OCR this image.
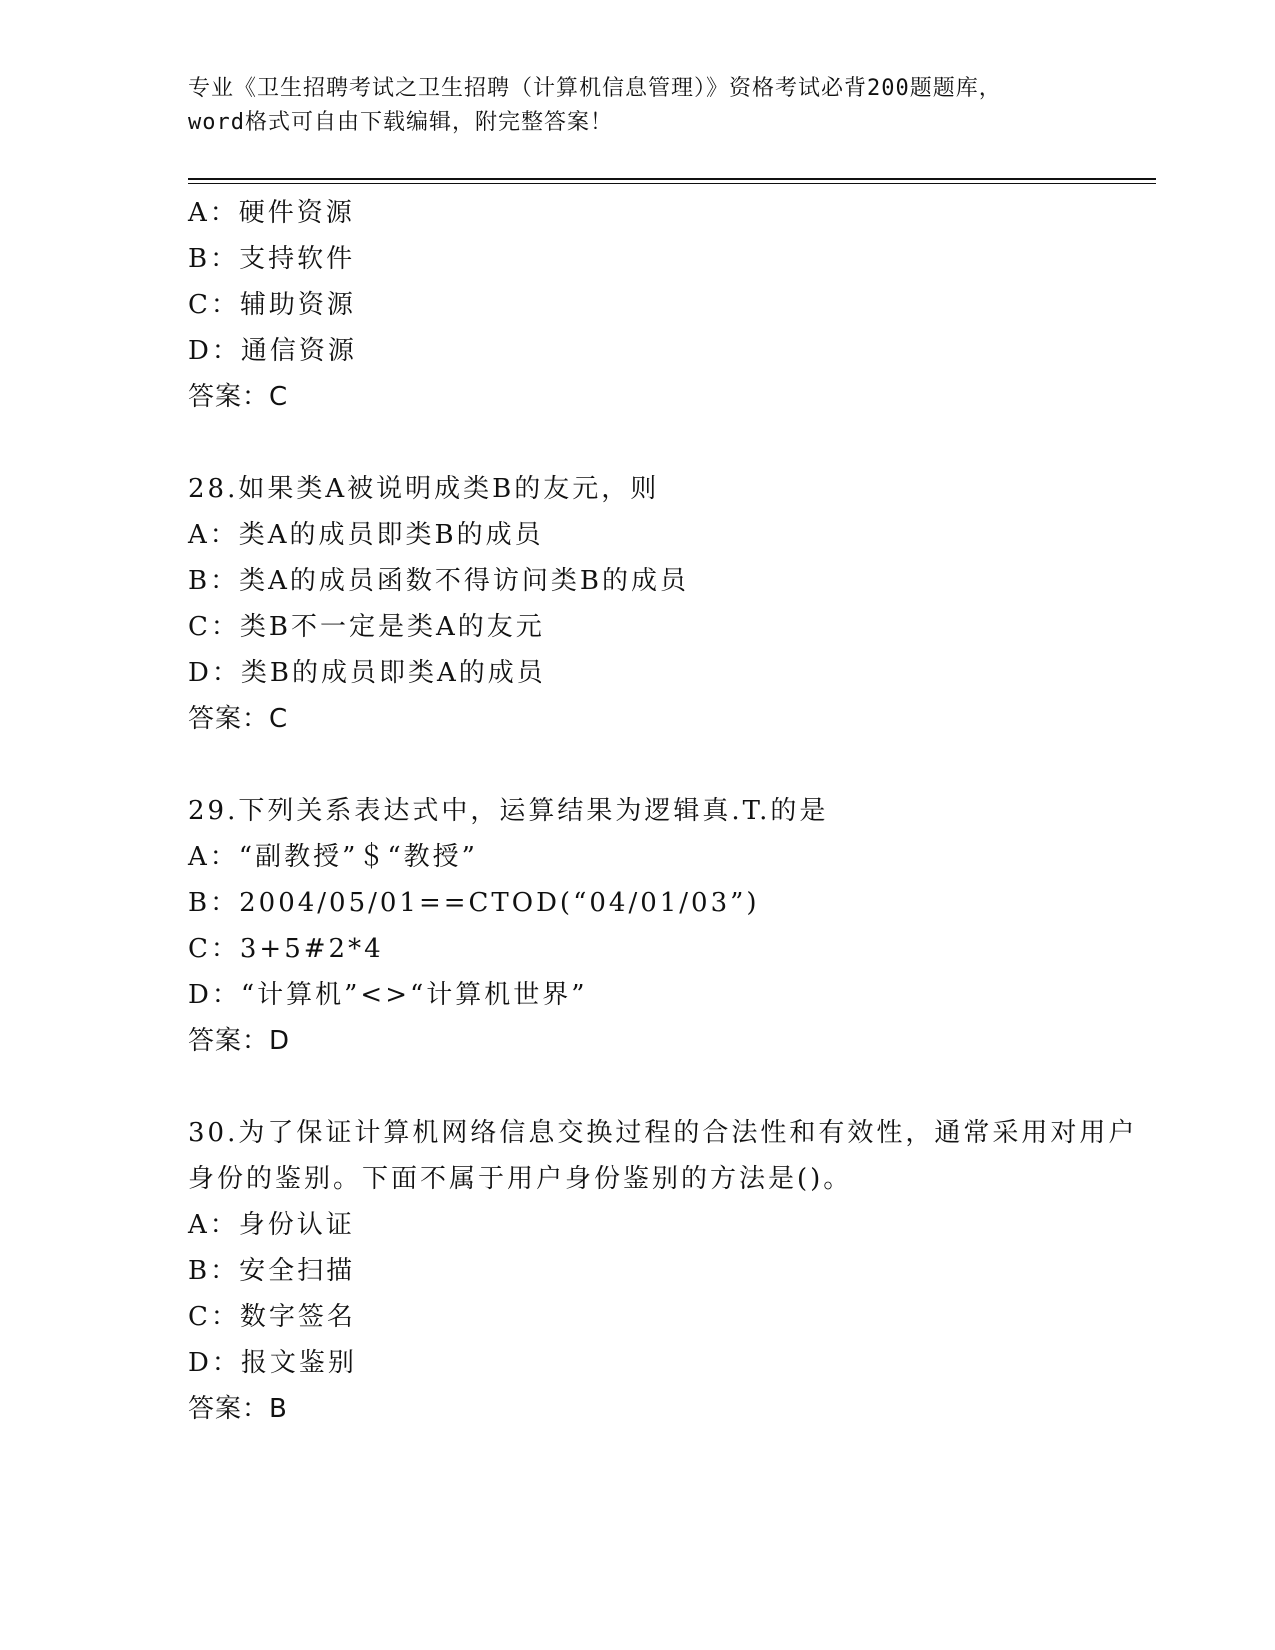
专业《卫生招聘考试之卫生招聘（计算机信息管理）》资格考试必背200题题库，
word格式可自由下载编辑，附完整答案！
A：硬件资源
B：支持软件
C：辅助资源
D：通信资源
答案：C
28.如果类A被说明成类B的友元，则
A：类A的成员即类B的成员
B：类A的成员函数不得访问类B的成员
C：类B不一定是类A的友元
D：类B的成员即类A的成员
答案：C
29.下列关系表达式中，运算结果为逻辑真.T.的是
A：“副教授”＄“教授”
B：2004/05/01==CTOD(“04/01/03”)
C：3+5#2*4
D：“计算机”<>“计算机世界”
答案：D
30.为了保证计算机网络信息交换过程的合法性和有效性，通常采用对用户身份的鉴别。下面不属于用户身份鉴别的方法是()。
A：身份认证
B：安全扫描
C：数字签名
D：报文鉴别
答案：B
